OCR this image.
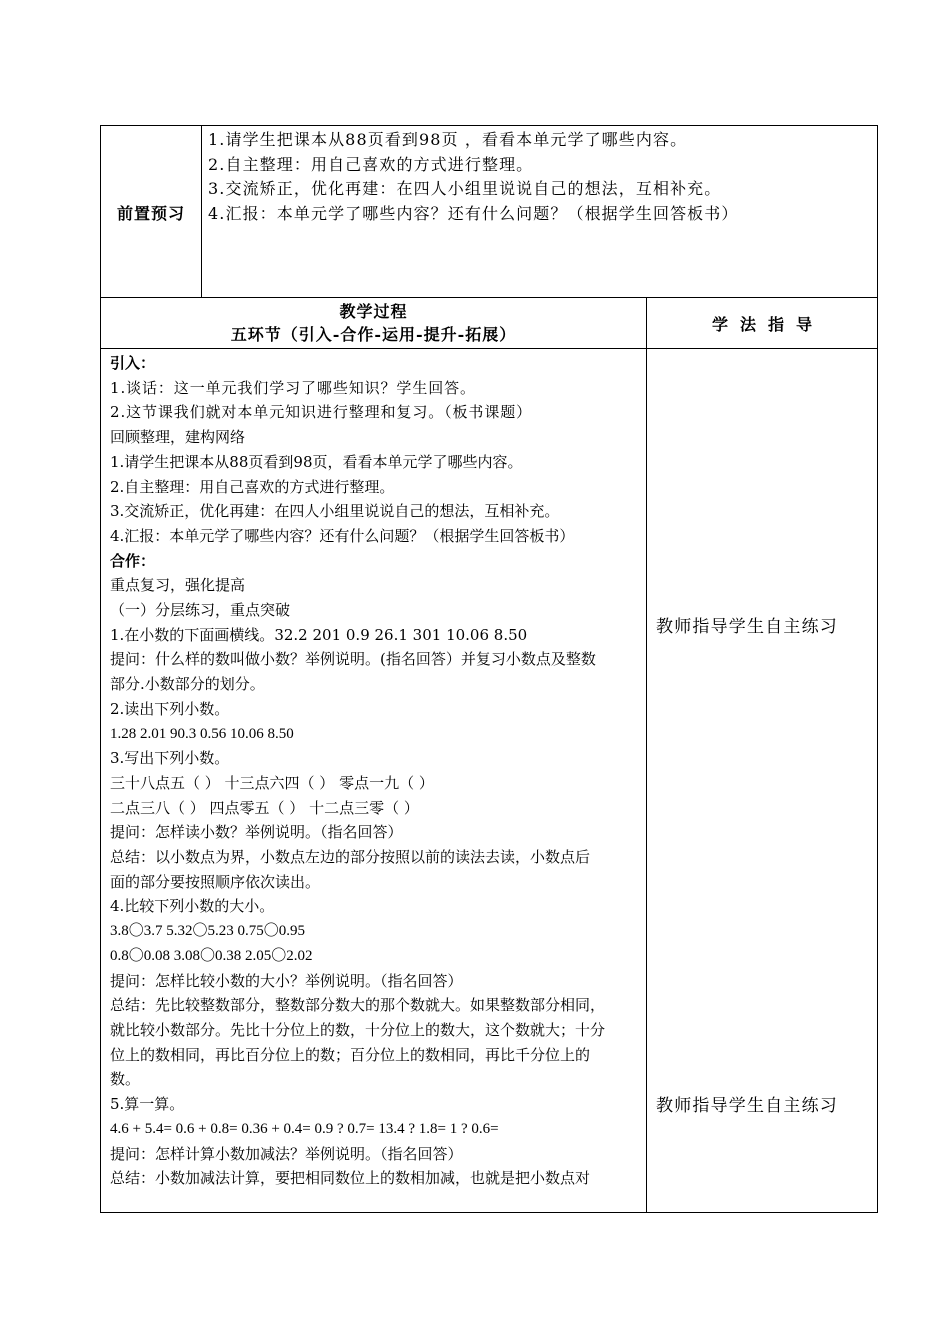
前置预习
1.请学生把课本从88页看到98页 ，看看本单元学了哪些内容。
2.自主整理：用自己喜欢的方式进行整理。
3.交流矫正，优化再建：在四人小组里说说自己的想法，互相补充。
4.汇报：本单元学了哪些内容？还有什么问题？（根据学生回答板书）
教学过程
五环节（引入-合作-运用-提升-拓展）
学法指导
引入：
1.谈话：这一单元我们学习了哪些知识？学生回答。
2.这节课我们就对本单元知识进行整理和复习。（板书课题）
回顾整理，建构网络
1.请学生把课本从88页看到98页，看看本单元学了哪些内容。
2.自主整理：用自己喜欢的方式进行整理。
3.交流矫正，优化再建：在四人小组里说说自己的想法，互相补充。
4.汇报：本单元学了哪些内容？还有什么问题？（根据学生回答板书）
合作：
重点复习，强化提高
（一）分层练习，重点突破
1.在小数的下面画横线。32.2 201 0.9 26.1 301 10.06 8.50
提问：什么样的数叫做小数？举例说明。(指名回答）并复习小数点及整数
部分.小数部分的划分。
2.读出下列小数。
1.28 2.01 90.3 0.56 10.06 8.50
3.写出下列小数。
三十八点五（ ） 十三点六四（ ） 零点一九（ ）
二点三八（ ） 四点零五（ ） 十二点三零（ ）
提问：怎样读小数？举例说明。（指名回答）
总结：以小数点为界，小数点左边的部分按照以前的读法去读，小数点后
面的部分要按照顺序依次读出。
4.比较下列小数的大小。
3.8〇3.7 5.32〇5.23 0.75〇0.95
0.8〇0.08 3.08〇0.38 2.05〇2.02
提问：怎样比较小数的大小？举例说明。（指名回答）
总结：先比较整数部分，整数部分数大的那个数就大。如果整数部分相同，
就比较小数部分。先比十分位上的数，十分位上的数大，这个数就大；十分
位上的数相同，再比百分位上的数；百分位上的数相同，再比千分位上的
数。
5.算一算。
4.6 + 5.4= 0.6 + 0.8= 0.36 + 0.4= 0.9 ? 0.7= 13.4 ? 1.8= 1 ? 0.6=
提问：怎样计算小数加减法？举例说明。（指名回答）
总结：小数加减法计算，要把相同数位上的数相加减，也就是把小数点对
教师指导学生自主练习
教师指导学生自主练习
